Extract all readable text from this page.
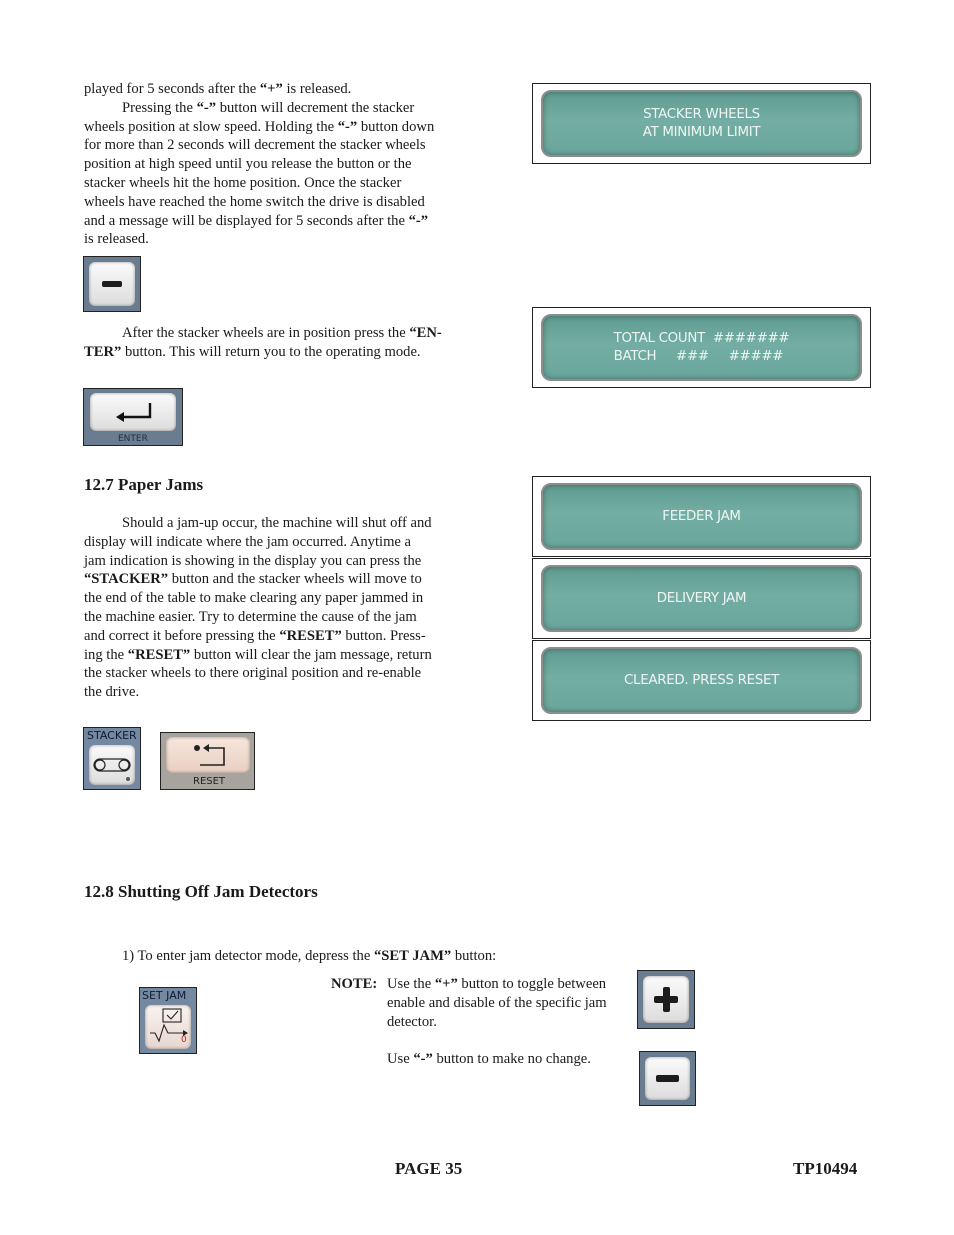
played for 5 seconds after the “+” is released.
Pressing the “-” button will decrement the stacker
wheels position at slow speed. Holding the “-” button down
for more than 2 seconds will decrement the stacker wheels
position at high speed until you release the button or the
stacker wheels hit the home position. Once the stacker
wheels have reached the home switch the drive is disabled
and a message will be displayed for 5 seconds after the “-”
is released.
After the stacker wheels are in position press the “EN-
TER” button. This will return you to the operating mode.
ENTER
12.7 Paper Jams
Should a jam-up occur, the machine will shut off and
display will indicate where the jam occurred. Anytime a
jam indication is showing in the display you can press the
“STACKER” button and the stacker wheels will move to
the end of the table to make clearing any paper jammed in
the machine easier. Try to determine the cause of the jam
and correct it before pressing the “RESET” button. Press-
ing the “RESET” button will clear the jam message, return
the stacker wheels to there original position and re-enable
the drive.
STACKER
RESET
STACKER WHEELS
AT MINIMUM LIMIT
TOTAL COUNT  #######
BATCH     ###     #####
FEEDER JAM
DELIVERY JAM
CLEARED. PRESS RESET
12.8 Shutting Off Jam Detectors
1) To enter jam detector mode, depress the “SET JAM” button:
SET JAM
0
NOTE: Use the “+” button to toggle between
enable and disable of the specific jam
detector.
Use “-” button to make no change.
PAGE 35	TP10494
